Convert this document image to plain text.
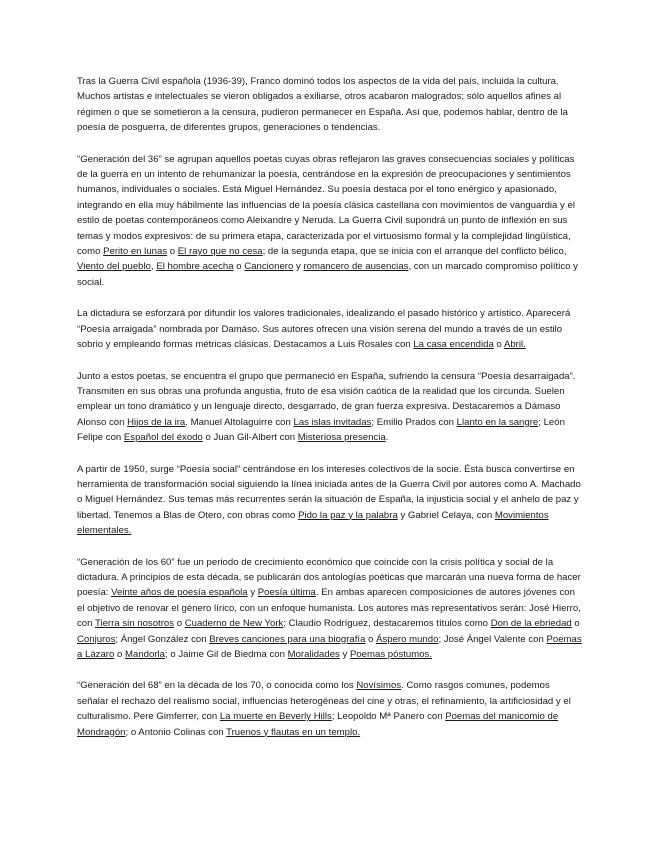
Tras la Guerra Civil española (1936-39), Franco dominó todos los aspectos de la vida del país, incluida la cultura. Muchos artistas e intelectuales se vieron obligados a exiliarse, otros acabaron malogrados; sólo aquellos afines al régimen o que se sometieron a la censura, pudieron permanecer en España. Así que, podemos hablar, dentro de la poesía de posguerra, de diferentes grupos, generaciones o tendencias.

“Generación del 36” se agrupan aquellos poetas cuyas obras reflejaron las graves consecuencias sociales y políticas de la guerra en un intento de rehumanizar la poesía, centrándose en la expresión de preocupaciones y sentimientos humanos, individuales o sociales. Está Miguel Hernández. Su poesía destaca por el tono enérgico y apasionado, integrando en ella muy hábilmente las influencias de la poesía clásica castellana con movimientos de vanguardia y el estilo de poetas contemporáneos como Aleixandre y Neruda. La Guerra Civil supondrá un punto de inflexión en sus temas y modos expresivos: de su primera etapa, caracterizada por el virtuosismo formal y la complejidad lingüística, como Perito en lunas o El rayo que no cesa; de la segunda etapa, que se inicia con el arranque del conflicto bélico, Viento del pueblo, El hombre acecha o Cancionero y romancero de ausencias, con un marcado compromiso político y social.

La dictadura se esforzará por difundir los valores tradicionales, idealizando el pasado histórico y artístico. Aparecerá “Poesía arraigada” nombrada por Damáso. Sus autores ofrecen una visión serena del mundo a través de un estilo sobrio y empleando formas métricas clásicas. Destacamos a Luis Rosales con La casa encendida o Abril.

Junto a estos poetas, se encuentra el grupo que permaneció en España, sufriendo la censura “Poesía desarraigada”. Transmiten en sus obras una profunda angustia, fruto de esa visión caótica de la realidad que los circunda. Suelen emplear un tono dramático y un lenguaje directo, desgarrado, de gran fuerza expresiva. Destacaremos a Dámaso Alonso con Hijos de la ira. Manuel Altolaguirre con Las islas invitadas; Emilio Prados con Llanto en la sangre; León Felipe con Español del éxodo o Juan Gil-Albert con Misteriosa presencia.

A partir de 1950, surge “Poesía social” centrándose en los intereses colectivos de la socie. Ésta busca convertirse en herramienta de transformación social siguiendo la línea iniciada antes de la Guerra Civil por autores como A. Machado o Miguel Hernández. Sus temas más recurrentes serán la situación de España, la injusticia social y el anhelo de paz y libertad. Tenemos a Blas de Otero, con obras como Pido la paz y la palabra y Gabriel Celaya, con Movimientos elementales.

“Generación de los 60” fue un periodo de crecimiento económico que coincide con la crisis política y social de la dictadura. A principios de esta década, se publicarán dos antologías poéticas que marcarán una nueva forma de hacer poesía: Veinte años de poesía española y Poesía última. En ambas aparecen composiciones de autores jóvenes con el objetivo de renovar el género lírico, con un enfoque humanista. Los autores más representativos serán: José Hierro, con Tierra sin nosotros o Cuaderno de New York; Claudio Rodríguez, destacaremos títulos como Don de la ebriedad o Conjuros; Ángel González con Breves canciones para una biografía o Áspero mundo; José Ángel Valente con Poemas a Lázaro o Mandorla; o Jaime Gil de Biedma con Moralidades y Poemas póstumos.

“Generación del 68” en la década de los 70, o conocida como los Novísimos. Como rasgos comunes, podemos señalar el rechazo del realismo social, influencias heterogéneas del cine y otras, el refinamiento, la artificiosidad y el culturalismo. Pere Gimferrer, con La muerte en Beverly Hills; Leopoldo Mª Panero con Poemas del manicomio de Mondragón; o Antonio Colinas con Truenos y flautas en un templo.
